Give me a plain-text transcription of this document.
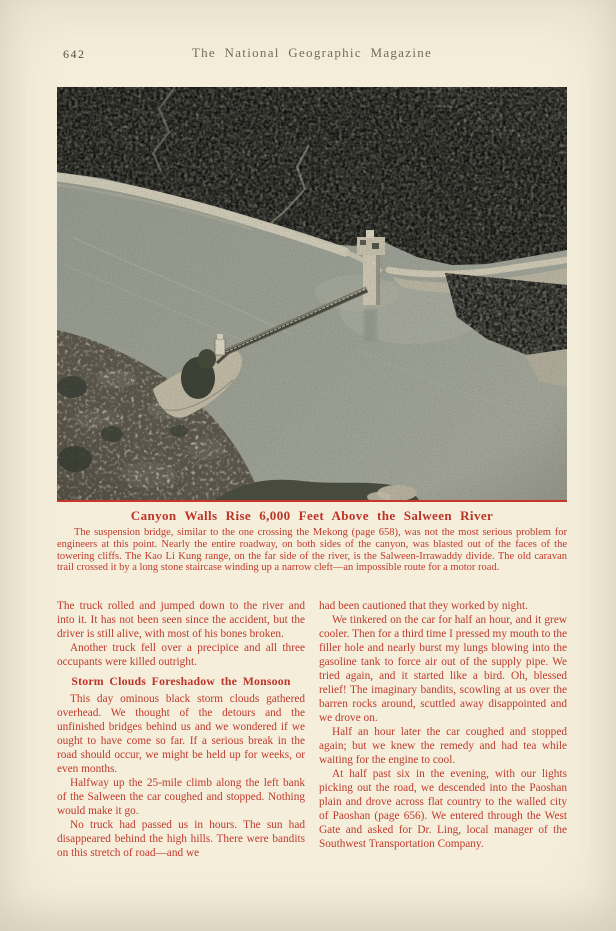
642	The National Geographic Magazine
Canyon Walls Rise 6,000 Feet Above the Salween River

The suspension bridge, similar to the one crossing the Mekong (page 658), was not the most serious problem for engineers at this point. Nearly the entire roadway, on both sides of the canyon, was blasted out of the faces of the towering cliffs. The Kao Li Kung range, on the far side of the river, is the Salween-Irrawaddy divide. The old caravan trail crossed it by a long stone staircase winding up a narrow cleft—an impossible route for a motor road.

The truck rolled and jumped down to the river and into it. It has not been seen since the accident, but the driver is still alive, with most of his bones broken.

Another truck fell over a precipice and all three occupants were killed outright.

Storm Clouds Foreshadow the Monsoon

This day ominous black storm clouds gathered overhead. We thought of the detours and the unfinished bridges behind us and we wondered if we ought to have come so far. If a serious break in the road should occur, we might be held up for weeks, or even months.

Halfway up the 25-mile climb along the left bank of the Salween the car coughed and stopped. Nothing would make it go.

No truck had passed us in hours. The sun had disappeared behind the high hills. There were bandits on this stretch of road—and we

had been cautioned that they worked by night.

We tinkered on the car for half an hour, and it grew cooler. Then for a third time I pressed my mouth to the filler hole and nearly burst my lungs blowing into the gasoline tank to force air out of the supply pipe. We tried again, and it started like a bird. Oh, blessed relief! The imaginary bandits, scowling at us over the barren rocks around, scuttled away disappointed and we drove on.

Half an hour later the car coughed and stopped again; but we knew the remedy and had tea while waiting for the engine to cool.

At half past six in the evening, with our lights picking out the road, we descended into the Paoshan plain and drove across flat country to the walled city of Paoshan (page 656). We entered through the West Gate and asked for Dr. Ling, local manager of the Southwest Transportation Company.
